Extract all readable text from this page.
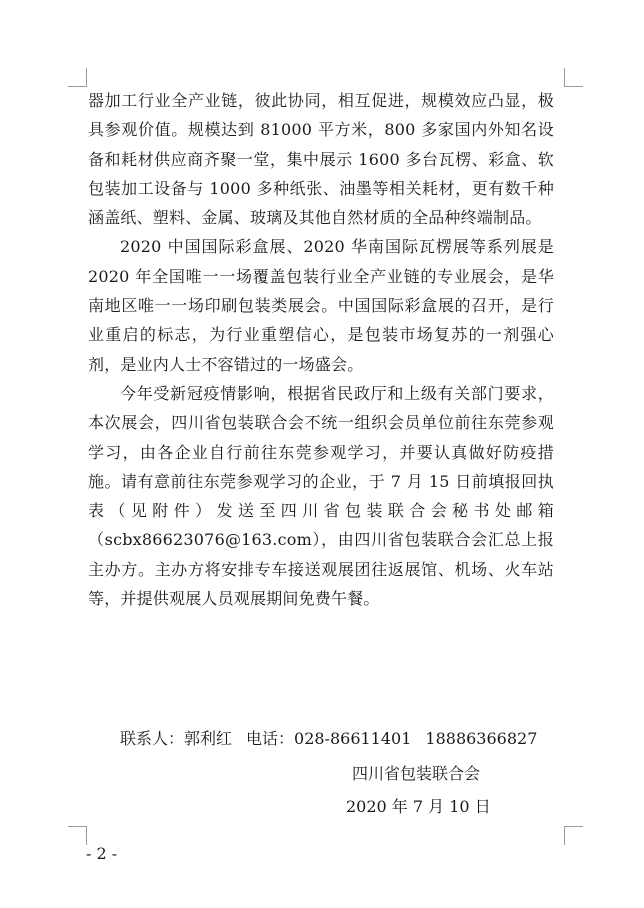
器加工行业全产业链，彼此协同，相互促进，规模效应凸显，极具参观价值。规模达到 81000 平方米，800 多家国内外知名设备和耗材供应商齐聚一堂，集中展示 1600 多台瓦楞、彩盒、软包装加工设备与 1000 多种纸张、油墨等相关耗材，更有数千种涵盖纸、塑料、金属、玻璃及其他自然材质的全品种终端制品。

2020 中国国际彩盒展、2020 华南国际瓦楞展等系列展是 2020 年全国唯一一场覆盖包装行业全产业链的专业展会，是华南地区唯一一场印刷包装类展会。中国国际彩盒展的召开，是行业重启的标志，为行业重塑信心，是包装市场复苏的一剂强心剂，是业内人士不容错过的一场盛会。

今年受新冠疫情影响，根据省民政厅和上级有关部门要求，本次展会，四川省包装联合会不统一组织会员单位前往东莞参观学习，由各企业自行前往东莞参观学习，并要认真做好防疫措施。请有意前往东莞参观学习的企业，于 7 月 15 日前填报回执表（见附件）发送至四川省包装联合会秘书处邮箱（scbx86623076@163.com），由四川省包装联合会汇总上报主办方。主办方将安排专车接送观展团往返展馆、机场、火车站等，并提供观展人员观展期间免费午餐。

联系人：郭利红 电话：028-86611401 18886366827
四川省包装联合会
2020 年 7 月 10 日
- 2 -
